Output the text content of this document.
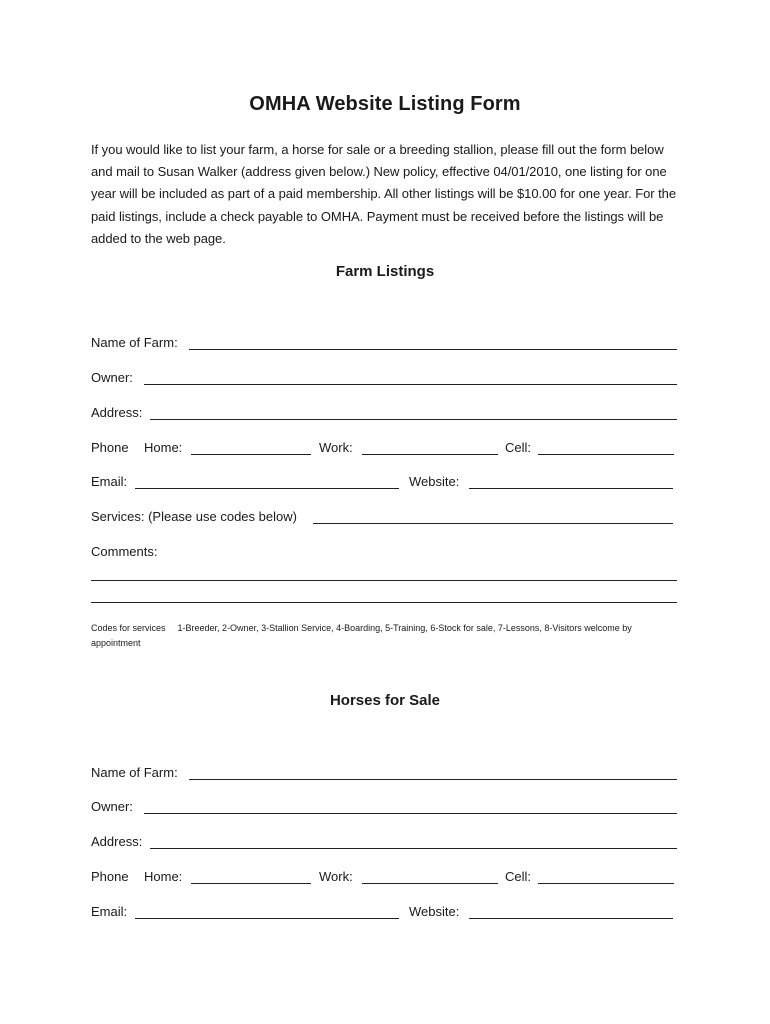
OMHA Website Listing Form
If you would like to list your farm, a horse for sale or a breeding stallion, please fill out the form below and mail to Susan Walker (address given below.) New policy, effective 04/01/2010, one listing for one year will be included as part of a paid membership. All other listings will be $10.00 for one year. For the paid listings, include a check payable to OMHA. Payment must be received before the listings will be added to the web page.
Farm Listings
Name of Farm:
Owner:
Address:
Phone Home:	Work:	Cell:
Email:	Website:
Services: (Please use codes below)
Comments:
Codes for services 1-Breeder, 2-Owner, 3-Stallion Service, 4-Boarding, 5-Training, 6-Stock for sale, 7-Lessons, 8-Visitors welcome by appointment
Horses for Sale
Name of Farm:
Owner:
Address:
Phone Home:	Work:	Cell:
Email:	Website:
